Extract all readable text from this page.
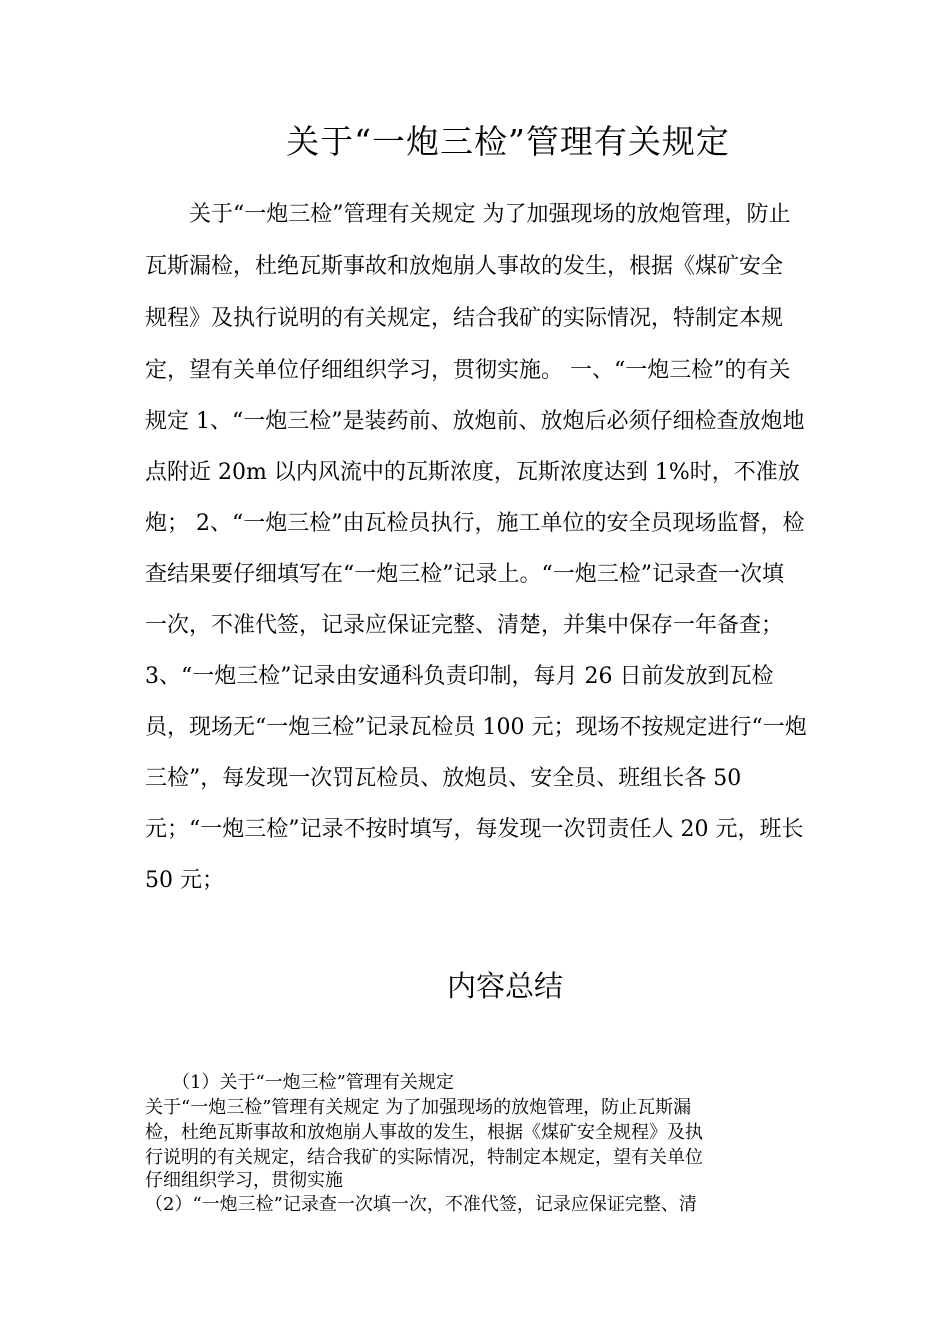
关于“一炮三检”管理有关规定
　　关于“一炮三检”管理有关规定 为了加强现场的放炮管理，防止
瓦斯漏检，杜绝瓦斯事故和放炮崩人事故的发生，根据《煤矿安全
规程》及执行说明的有关规定，结合我矿的实际情况，特制定本规
定，望有关单位仔细组织学习，贯彻实施。 一、“一炮三检”的有关
规定 1、“一炮三检”是装药前、放炮前、放炮后必须仔细检查放炮地
点附近 20m 以内风流中的瓦斯浓度，瓦斯浓度达到 1%时，不准放
炮； 2、“一炮三检”由瓦检员执行，施工单位的安全员现场监督，检
查结果要仔细填写在“一炮三检”记录上。“一炮三检”记录查一次填
一次，不准代签，记录应保证完整、清楚，并集中保存一年备查；
3、“一炮三检”记录由安通科负责印制，每月 26 日前发放到瓦检
员，现场无“一炮三检”记录瓦检员 100 元；现场不按规定进行“一炮
三检”，每发现一次罚瓦检员、放炮员、安全员、班组长各 50
元；“一炮三检”记录不按时填写，每发现一次罚责任人 20 元，班长
50 元；
内容总结
　　（1）关于“一炮三检”管理有关规定
关于“一炮三检”管理有关规定 为了加强现场的放炮管理，防止瓦斯漏
检，杜绝瓦斯事故和放炮崩人事故的发生，根据《煤矿安全规程》及执
行说明的有关规定，结合我矿的实际情况，特制定本规定，望有关单位
仔细组织学习，贯彻实施
（2）“一炮三检”记录查一次填一次，不准代签，记录应保证完整、清
